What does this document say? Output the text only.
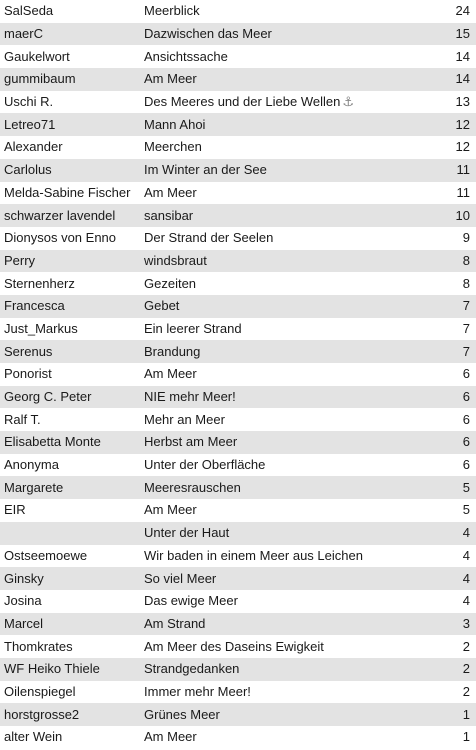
SalSeda	Meerblick	24
maerC	Dazwischen das Meer	15
Gaukelwort	Ansichtssache	14
gummibaum	Am Meer	14
Uschi R.	Des Meeres und der Liebe Wellen ⚓	13
Letreo71	Mann Ahoi	12
Alexander	Meerchen	12
Carlolus	Im Winter an der See	11
Melda-Sabine Fischer	Am Meer	11
schwarzer lavendel	sansibar	10
Dionysos von Enno	Der Strand der Seelen	9
Perry	windsbraut	8
Sternenherz	Gezeiten	8
Francesca	Gebet	7
Just_Markus	Ein leerer Strand	7
Serenus	Brandung	7
Ponorist	Am Meer	6
Georg C. Peter	NIE mehr Meer!	6
Ralf T.	Mehr an Meer	6
Elisabetta Monte	Herbst am Meer	6
Anonyma	Unter der Oberfläche	6
Margarete	Meeresrauschen	5
EIR	Am Meer	5
	Unter der Haut	4
Ostseemoewe	Wir baden in einem Meer aus Leichen	4
Ginsky	So viel Meer	4
Josina	Das ewige Meer	4
Marcel	Am Strand	3
Thomkrates	Am Meer des Daseins Ewigkeit	2
WF Heiko Thiele	Strandgedanken	2
Oilenspiegel	Immer mehr Meer!	2
horstgrosse2	Grünes Meer	1
alter Wein	Am Meer	1
